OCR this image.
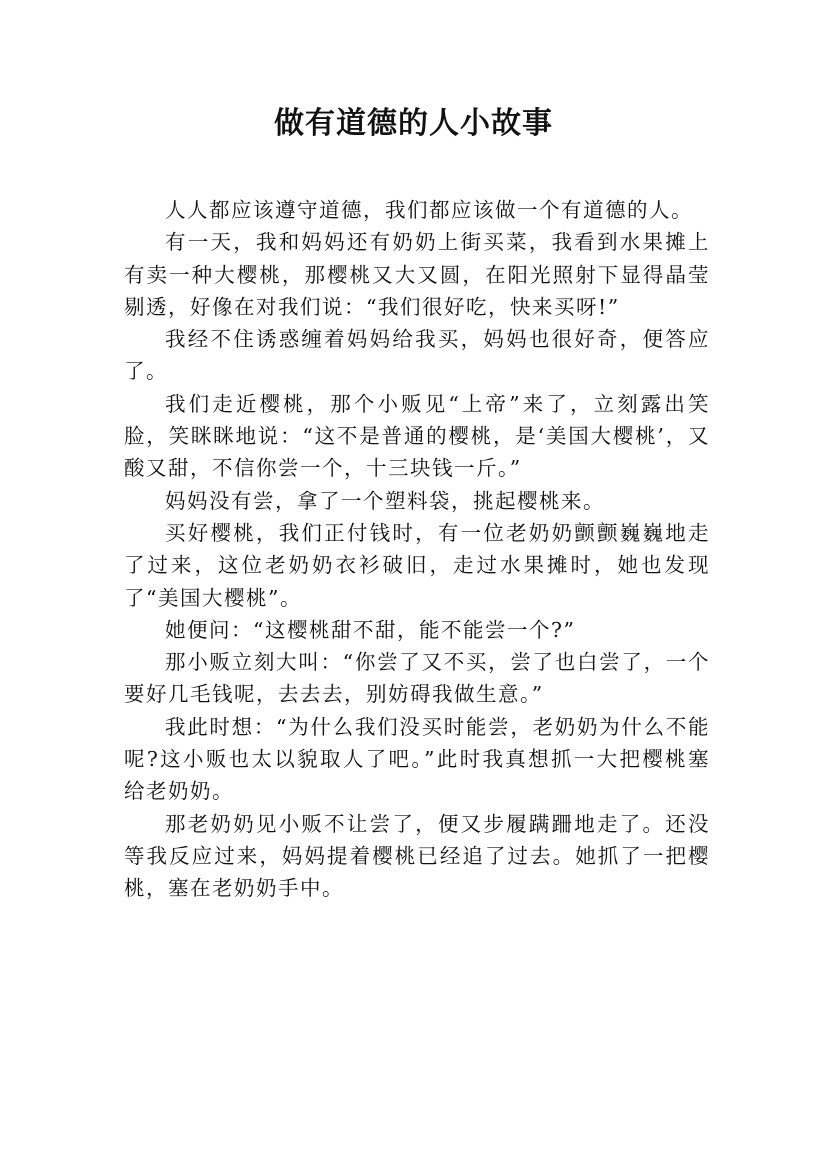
做有道德的人小故事

人人都应该遵守道德，我们都应该做一个有道德的人。

有一天，我和妈妈还有奶奶上街买菜，我看到水果摊上有卖一种大樱桃，那樱桃又大又圆，在阳光照射下显得晶莹剔透，好像在对我们说：“我们很好吃，快来买呀!”

我经不住诱惑缠着妈妈给我买，妈妈也很好奇，便答应了。

我们走近樱桃，那个小贩见“上帝”来了，立刻露出笑脸，笑眯眯地说：“这不是普通的樱桃，是‘美国大樱桃’，又酸又甜，不信你尝一个，十三块钱一斤。”

妈妈没有尝，拿了一个塑料袋，挑起樱桃来。

买好樱桃，我们正付钱时，有一位老奶奶颤颤巍巍地走了过来，这位老奶奶衣衫破旧，走过水果摊时，她也发现了“美国大樱桃”。

她便问：“这樱桃甜不甜，能不能尝一个?”

那小贩立刻大叫：“你尝了又不买，尝了也白尝了，一个要好几毛钱呢，去去去，别妨碍我做生意。”

我此时想：“为什么我们没买时能尝，老奶奶为什么不能呢?这小贩也太以貌取人了吧。”此时我真想抓一大把樱桃塞给老奶奶。

那老奶奶见小贩不让尝了，便又步履蹒跚地走了。还没等我反应过来，妈妈提着樱桃已经追了过去。她抓了一把樱桃，塞在老奶奶手中。
